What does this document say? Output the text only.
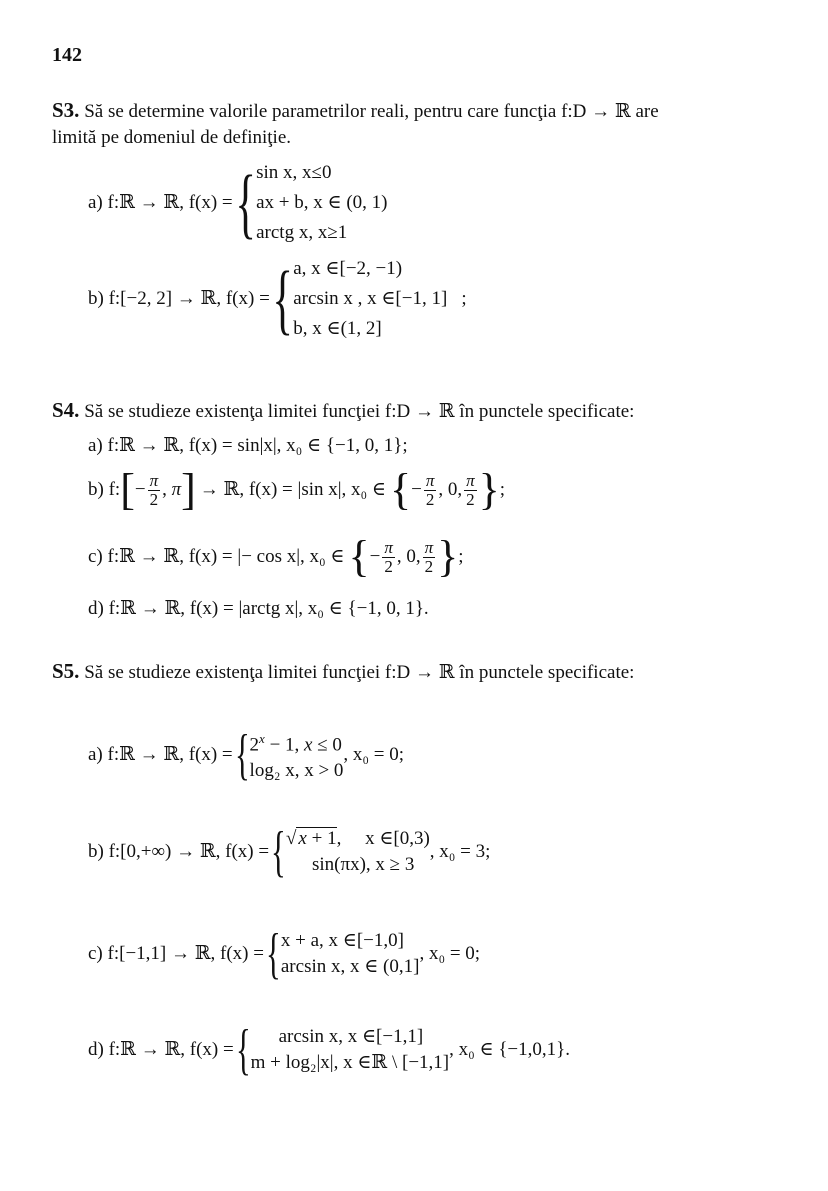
142
S3. Să se determine valorile parametrilor reali, pentru care funcţia f:D → ℝ are
limită pe domeniul de definiţie.
a) f:ℝ → ℝ, f(x) = { sin x, x≤0
ax + b, x ∈ (0, 1)
arctg x, x≥1
b) f:[−2, 2] → ℝ, f(x) = { a, x ∈[−2, −1)
arcsin x , x ∈[−1, 1]
b, x ∈(1, 2]
;
S4. Să se studieze existenţa limitei funcţiei f:D → ℝ în punctele specificate:
a) f:ℝ → ℝ, f(x) = sin|x|, x₀ ∈ {−1, 0, 1};
b) f: [ − $\frac{\pi}{2}$ , π ] → ℝ, f(x) = |sin x|, x₀ ∈ { − $\frac{\pi}{2}$ , 0, $\frac{\pi}{2}$ } ;
c) f:ℝ → ℝ, f(x) = |− cos x|, x₀ ∈ { − $\frac{\pi}{2}$ , 0, $\frac{\pi}{2}$ } ;
d) f:ℝ → ℝ, f(x) = |arctg x|, x₀ ∈ {−1, 0, 1}.
S5. Să se studieze existenţa limitei funcţiei f:D → ℝ în punctele specificate:
a) f:ℝ → ℝ, f(x) = { $2^x - 1$, x ≤ 0
log₂ x, x > 0
, x₀ = 0;
b) f:[0,+∞) → ℝ, f(x) = { √ x + 1,     x ∈[0,3)
sin(πx), x ≥ 3
, x₀ = 3;
c) f:[−1,1] → ℝ, f(x) = { x + a, x ∈[−1,0]
arcsin x, x ∈ (0,1]
, x₀ = 0;
d) f:ℝ → ℝ, f(x) = {	arcsin x, x ∈[−1,1]
m + log₂|x|, x ∈ℝ \ [−1,1]
, x₀ ∈ {−1,0,1}.
